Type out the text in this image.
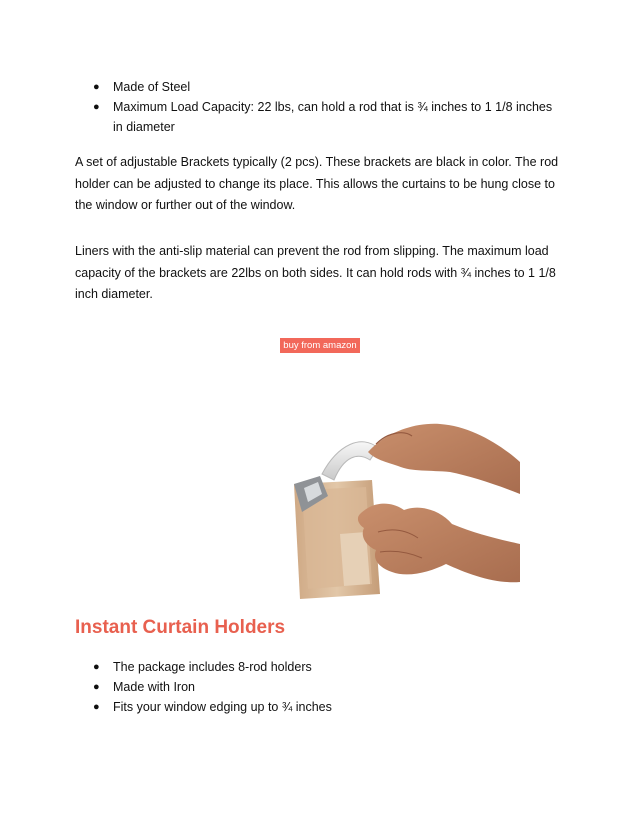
● Made of Steel
● Maximum Load Capacity: 22 lbs, can hold a rod that is ¾ inches to 1 1/8 inches in diameter

A set of adjustable Brackets typically (2 pcs). These brackets are black in color. The rod holder can be adjusted to change its place. This allows the curtains to be hung close to the window or further out of the window.

Liners with the anti-slip material can prevent the rod from slipping. The maximum load capacity of the brackets are 22lbs on both sides. It can hold rods with ¾ inches to 1 1/8 inch diameter.

buy from amazon
Instant Curtain Holders
● The package includes 8-rod holders
● Made with Iron
● Fits your window edging up to ¾ inches
